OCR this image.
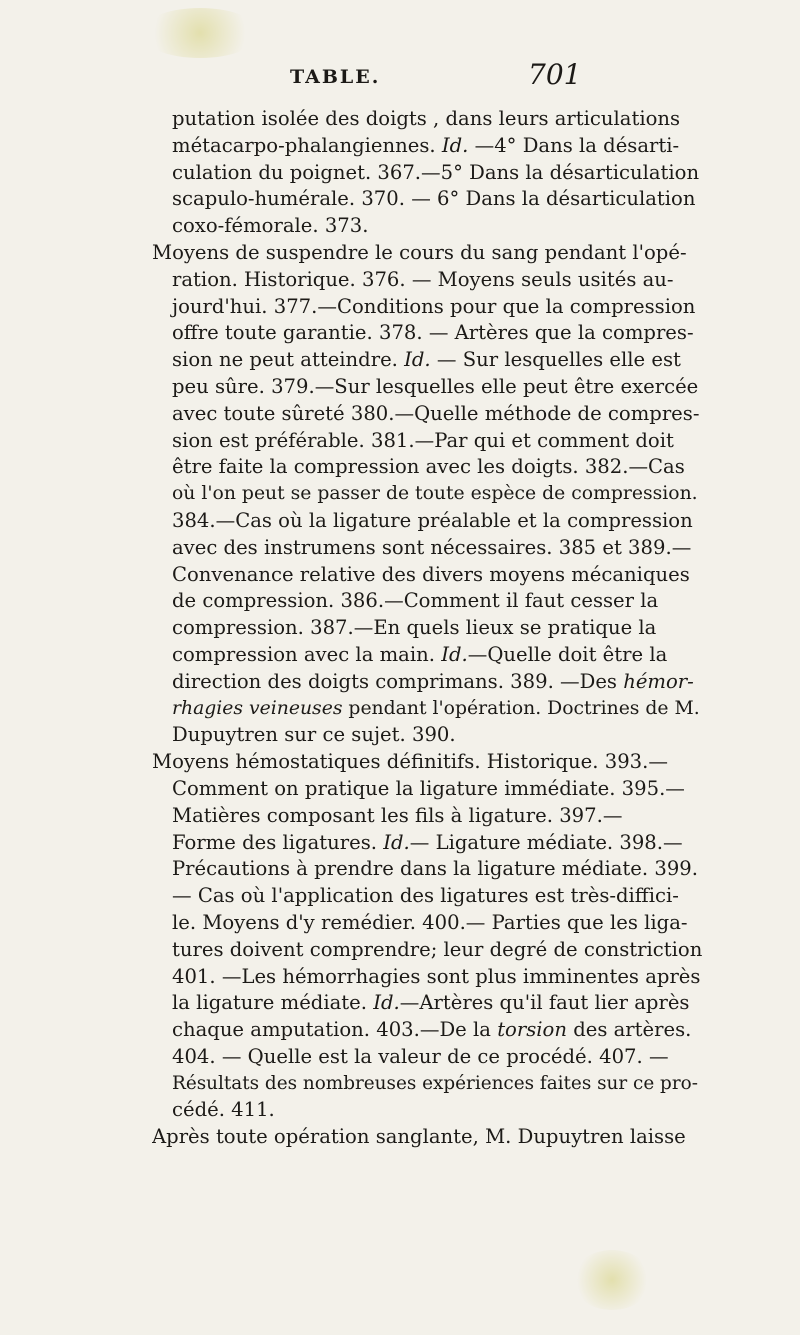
TABLE.	701
putation isolée des doigts , dans leurs articulations
métacarpo-phalangiennes. Id. —4° Dans la désarti-
culation du poignet. 367.—5° Dans la désarticulation
scapulo-humérale. 370. — 6° Dans la désarticulation
coxo-fémorale. 373.
Moyens de suspendre le cours du sang pendant l'opé-
ration. Historique. 376. — Moyens seuls usités au-
jourd'hui. 377.—Conditions pour que la compression
offre toute garantie. 378. — Artères que la compres-
sion ne peut atteindre. Id. — Sur lesquelles elle est
peu sûre. 379.—Sur lesquelles elle peut être exercée
avec toute sûreté 380.—Quelle méthode de compres-
sion est préférable. 381.—Par qui et comment doit
être faite la compression avec les doigts. 382.—Cas
où l'on peut se passer de toute espèce de compression.
384.—Cas où la ligature préalable et la compression
avec des instrumens sont nécessaires. 385 et 389.—
Convenance relative des divers moyens mécaniques
de compression. 386.—Comment il faut cesser la
compression. 387.—En quels lieux se pratique la
compression avec la main. Id.—Quelle doit être la
direction des doigts comprimans. 389. —Des hémor-
rhagies veineuses pendant l'opération. Doctrines de M.
Dupuytren sur ce sujet. 390.
Moyens hémostatiques définitifs. Historique. 393.—
Comment on pratique la ligature immédiate. 395.—
Matières composant les fils à ligature. 397.—
Forme des ligatures. Id.— Ligature médiate. 398.—
Précautions à prendre dans la ligature médiate. 399.
— Cas où l'application des ligatures est très-diffici-
le. Moyens d'y remédier. 400.— Parties que les liga-
tures doivent comprendre; leur degré de constriction
401. —Les hémorrhagies sont plus imminentes après
la ligature médiate. Id.—Artères qu'il faut lier après
chaque amputation. 403.—De la torsion des artères.
404. — Quelle est la valeur de ce procédé. 407. —
Résultats des nombreuses expériences faites sur ce pro-
cédé. 411.
Après toute opération sanglante, M. Dupuytren laisse
